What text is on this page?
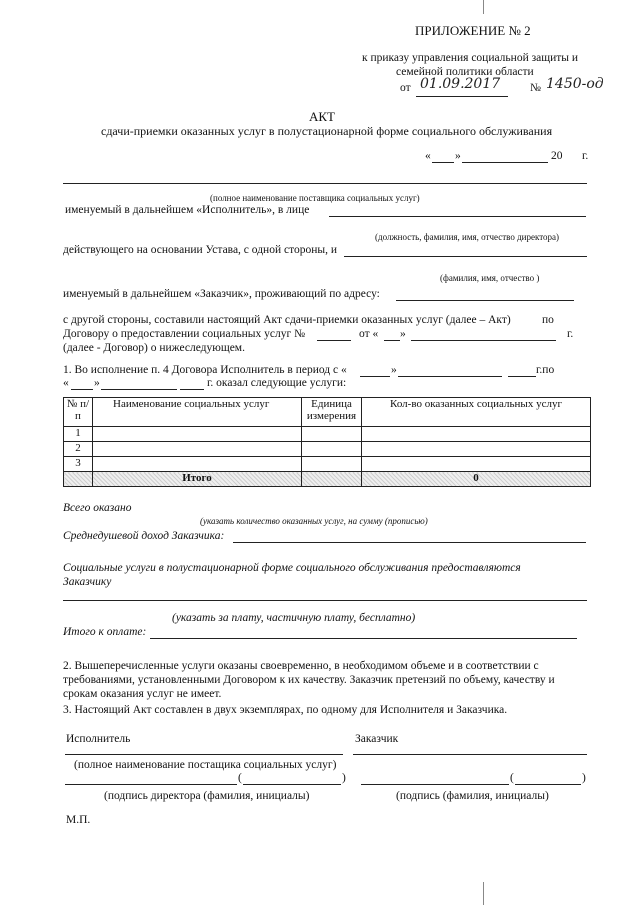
ПРИЛОЖЕНИЕ № 2
к приказу управления социальной защиты и
семейной политики области
от 01.09.2017	№ 1450-од
АКТ
сдачи-приемки оказанных услуг в полустационарной форме социального обслуживания
« »	20 г.
(полное наименование поставщика социальных услуг)
именуемый в дальнейшем «Исполнитель», в лице
(должность, фамилия, имя, отчество директора)
действующего на основании Устава, с одной стороны, и
(фамилия, имя, отчество )
именуемый в дальнейшем «Заказчик», проживающий по адресу:
с другой стороны, составили настоящий Акт сдачи-приемки оказанных услуг (далее – Акт)	по
Договору о предоставлении социальных услуг №	от « »	г.
(далее - Договор) о нижеследующем.
1. Во исполнение п. 4 Договора Исполнитель в период с «	»	г.по
« »	г. оказал следующие услуги:
№ п/п	Наименование социальных услуг	Единица измерения	Кол-во оказанных социальных услуг
1			
2			
3			
	Итого		0
Всего оказано
(указать количество оказанных услуг, на сумму (прописью)
Среднедушевой доход Заказчика:
Социальные услуги в полустационарной форме социального обслуживания предоставляются
Заказчику
(указать за плату, частичную плату, бесплатно)
Итого к оплате:
2. Вышеперечисленные услуги оказаны своевременно, в необходимом объеме и в соответствии с
требованиями, установленными Договором к их качеству. Заказчик претензий по объему, качеству и
срокам оказания услуг не имеет.
3. Настоящий Акт составлен в двух экземплярах, по одному для Исполнителя и Заказчика.
Исполнитель	Заказчик
(полное наименование постащика социальных услуг)
(	)	(	)
(подпись директора (фамилия, инициалы)	(подпись (фамилия, инициалы)
М.П.
